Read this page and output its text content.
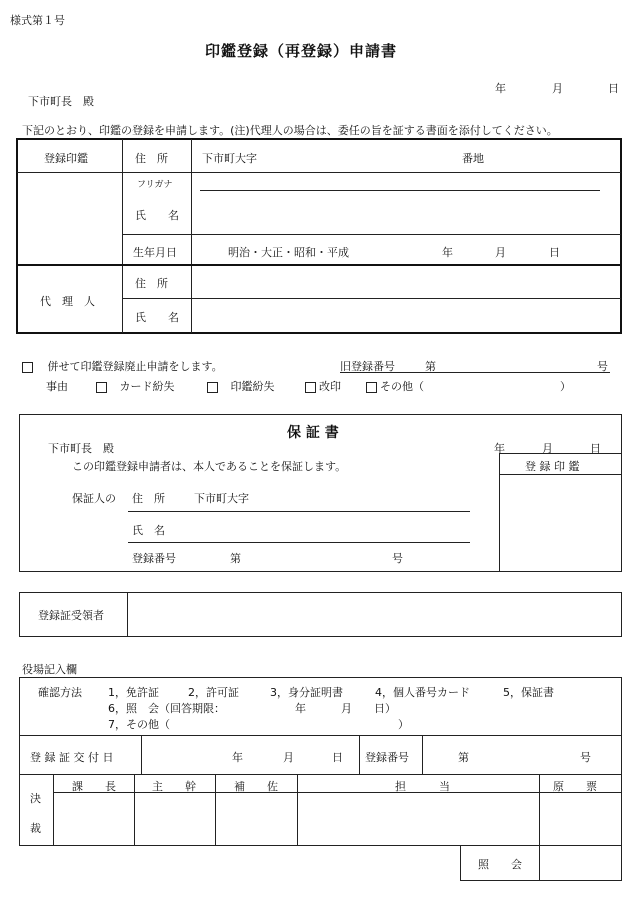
様式第１号
印鑑登録（再登録）申請書
年	月	日
下市町長　殿
下記のとおり、印鑑の登録を申請します。(注)代理人の場合は、委任の旨を証する書面を添付してください。
登録印鑑	住　所	下市町大字	番地
フリガナ
氏　　名
生年月日	明治・大正・昭和・平成	年	月	日
代　理　人
住　所
氏　　名
併せて印鑑登録廃止申請をします。	旧登録番号	第	号
事由	カード紛失	印鑑紛失	改印	その他（	）
保 証 書
下市町長　殿	年	月	日
登 録 印 鑑
この印鑑登録申請者は、本人であることを保証します。
保証人の 住　所	下市町大字
氏　名
登録番号	第	号
登録証受領者
役場記入欄
確認方法 1，免許証	2，許可証	3，身分証明書	4，個人番号カード	5，保証書
6，照　会（回答期限：	年	月 日）
7，その他（	）
登 録 証 交 付 日	年	月	日 登録番号	第	号
決
裁
課　　長	主　　幹	補　　佐	担　　　当	原　　票
照　　会
